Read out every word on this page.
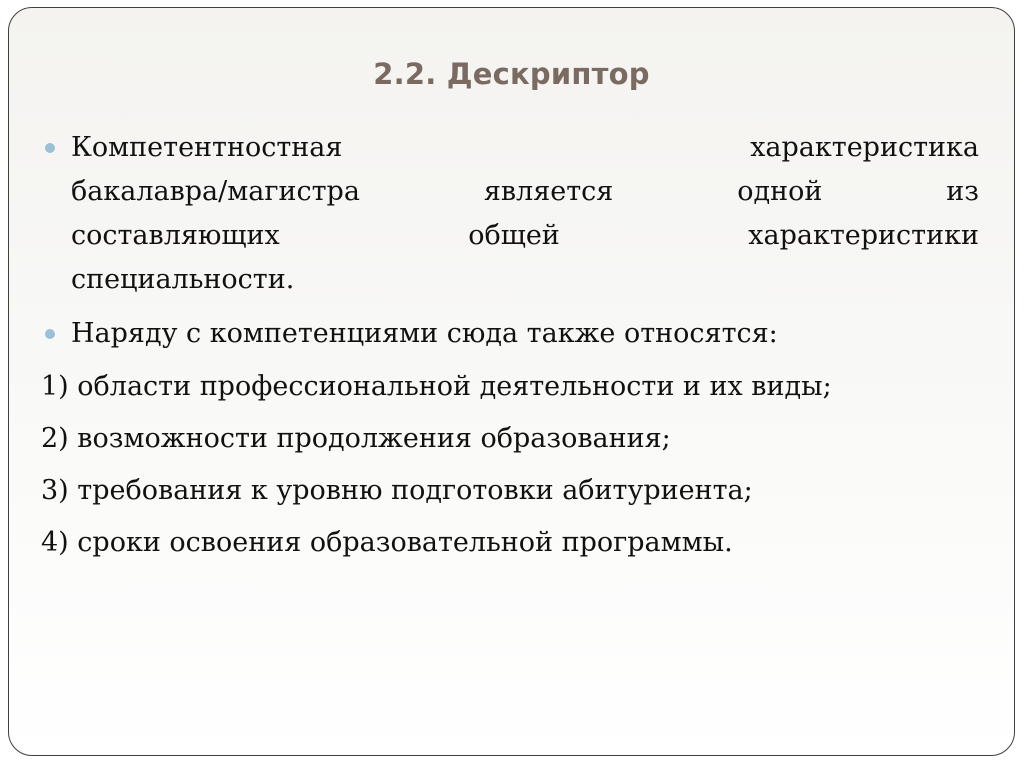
2.2. Дескриптор
Компетентностная	характеристика
бакалавра/магистра	является	одной	из
составляющих	общей	характеристики
специальности.
Наряду с компетенциями сюда также относятся:
1) области профессиональной деятельности и их виды;
2) возможности продолжения образования;
3) требования к уровню подготовки абитуриента;
4) сроки освоения образовательной программы.
